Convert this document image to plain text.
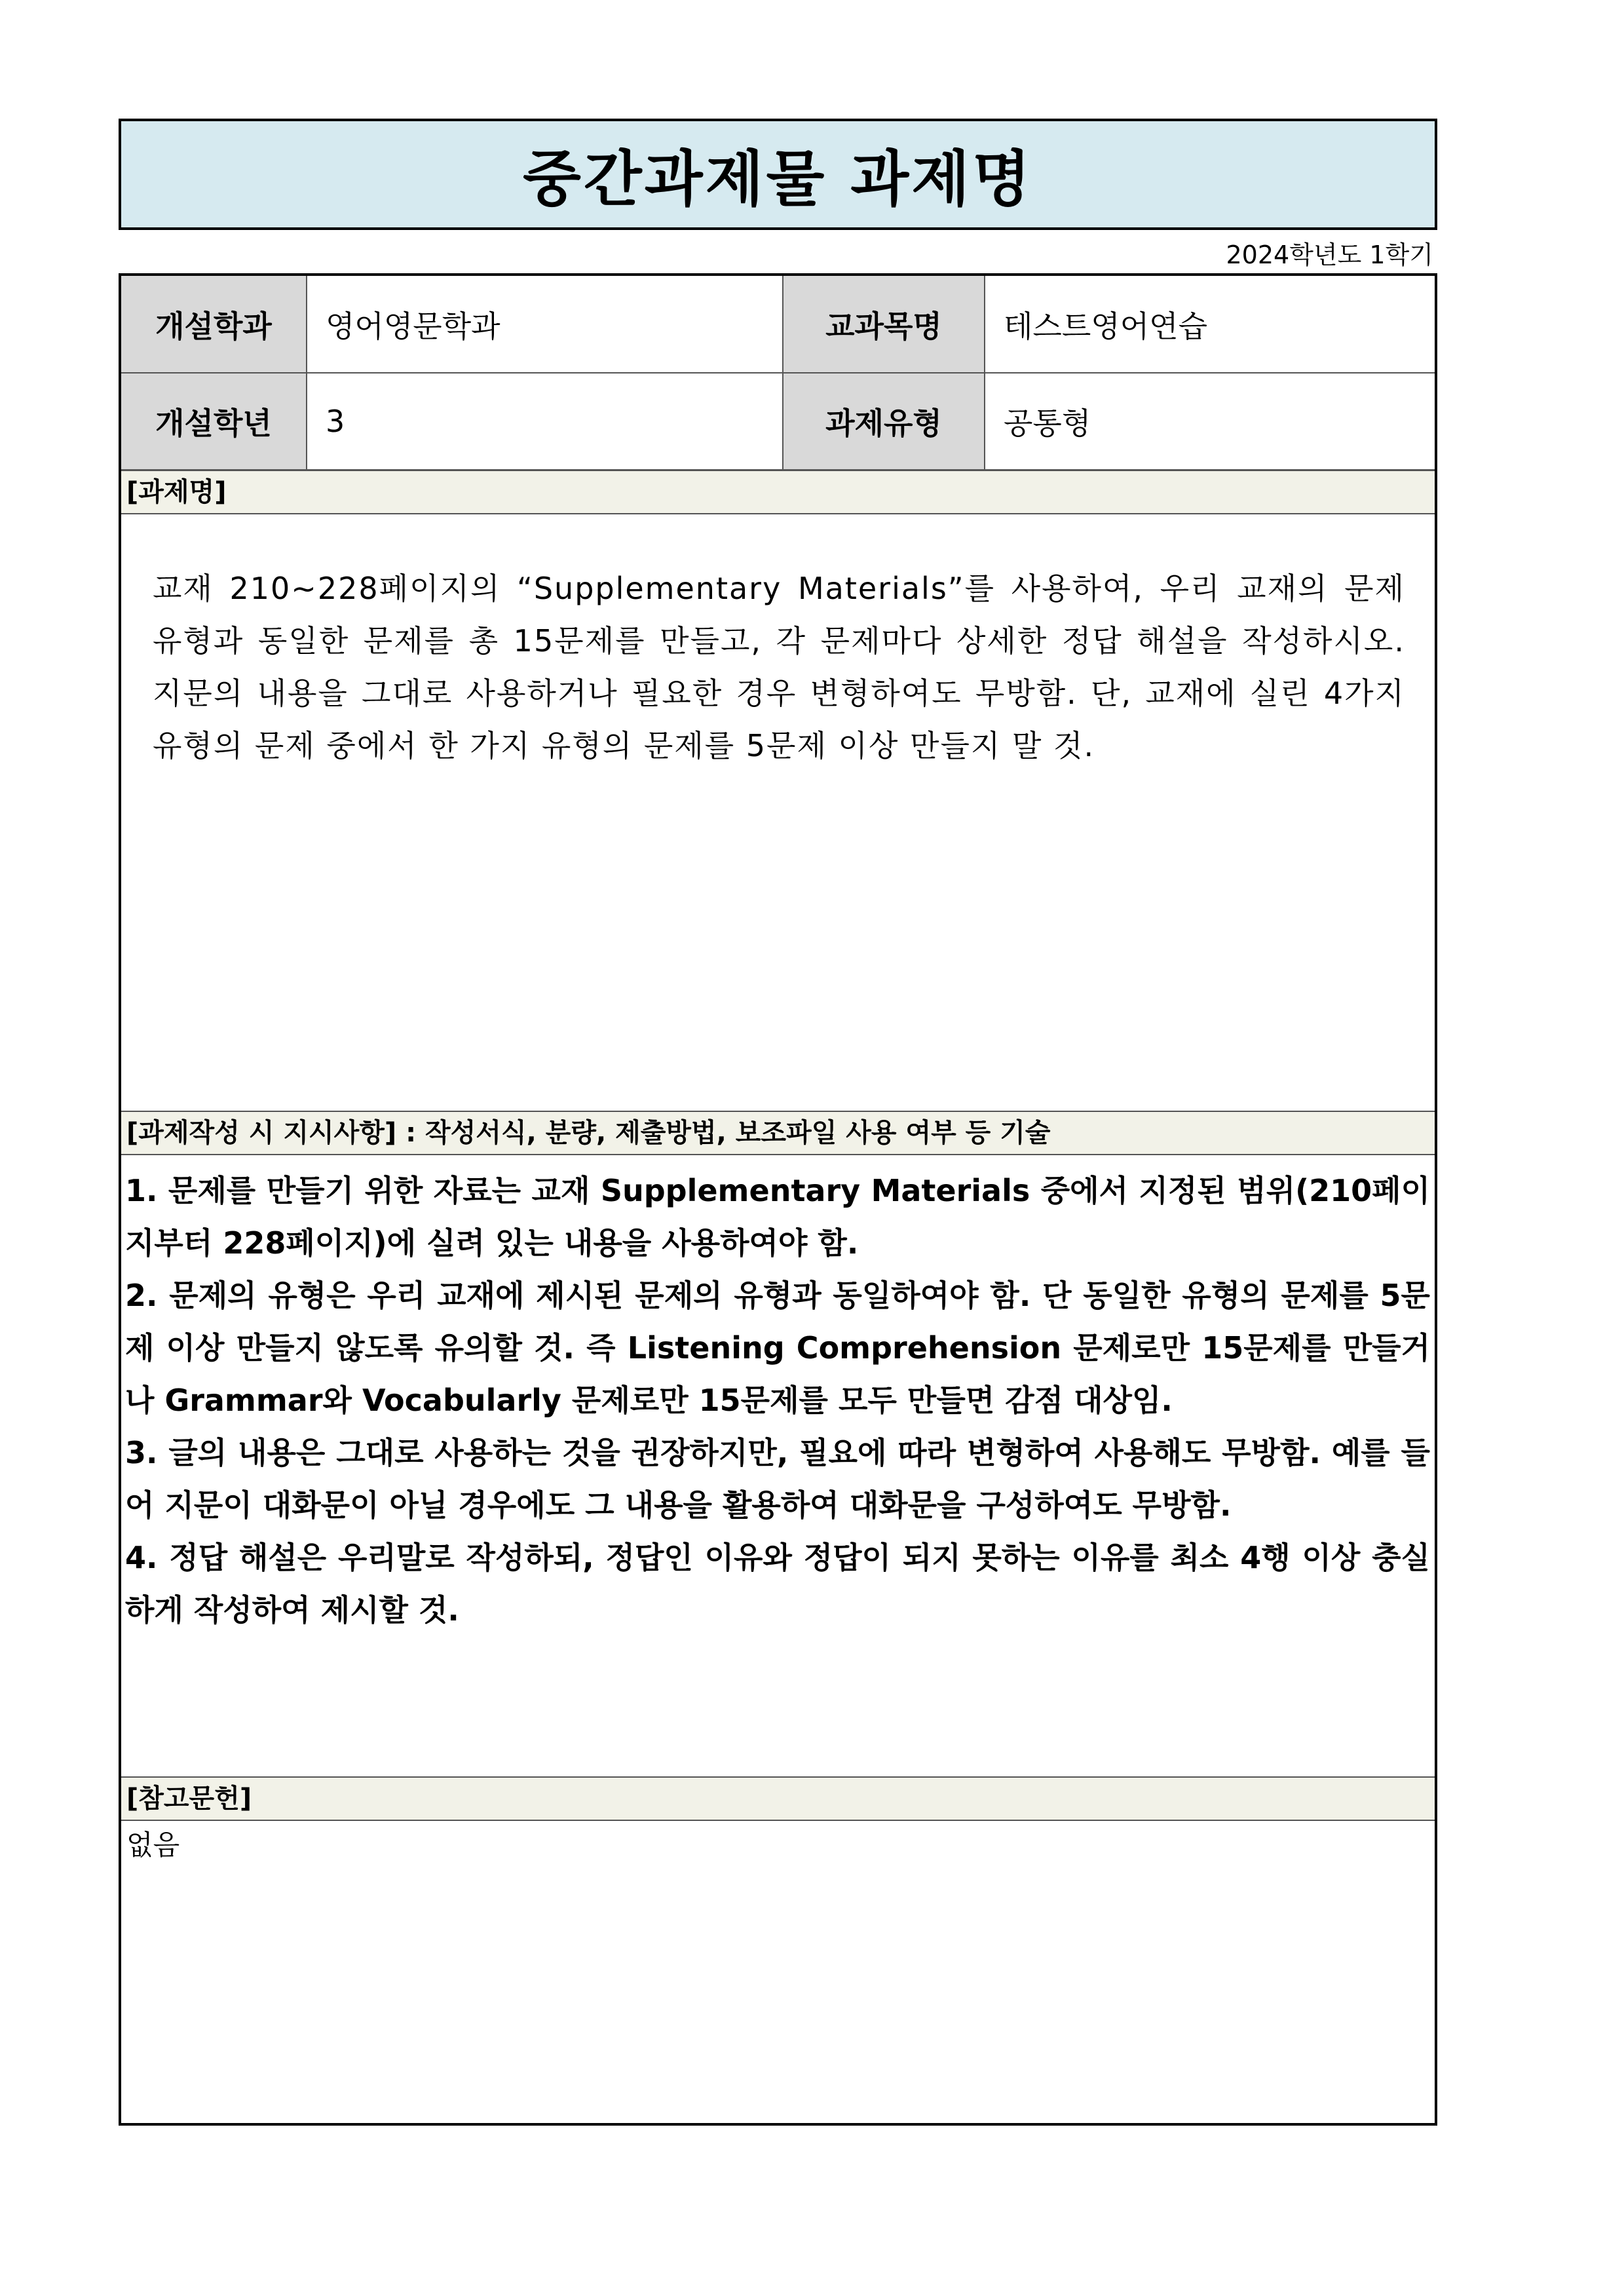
중간과제물 과제명
2024학년도 1학기
개설학과	영어영문학과	교과목명	테스트영어연습
개설학년	3	과제유형	공통형
[과제명]

교재 210~228페이지의 “Supplementary Materials”를 사용하여, 우리 교재의 문제 유형과 동일한 문제를 총 15문제를 만들고, 각 문제마다 상세한 정답 해설을 작성하시오. 지문의 내용을 그대로 사용하거나 필요한 경우 변형하여도 무방함. 단, 교재에 실린 4가지 유형의 문제 중에서 한 가지 유형의 문제를 5문제 이상 만들지 말 것.

[과제작성 시 지시사항] : 작성서식, 분량, 제출방법, 보조파일 사용 여부 등 기술

1. 문제를 만들기 위한 자료는 교재 Supplementary Materials 중에서 지정된 범위(210페이지부터 228페이지)에 실려 있는 내용을 사용하여야 함.

2. 문제의 유형은 우리 교재에 제시된 문제의 유형과 동일하여야 함. 단 동일한 유형의 문제를 5문제 이상 만들지 않도록 유의할 것. 즉 Listening Comprehension 문제로만 15문제를 만들거나 Grammar와 Vocabularly 문제로만 15문제를 모두 만들면 감점 대상임.

3. 글의 내용은 그대로 사용하는 것을 권장하지만, 필요에 따라 변형하여 사용해도 무방함. 예를 들어 지문이 대화문이 아닐 경우에도 그 내용을 활용하여 대화문을 구성하여도 무방함.

4. 정답 해설은 우리말로 작성하되, 정답인 이유와 정답이 되지 못하는 이유를 최소 4행 이상 충실하게 작성하여 제시할 것.

[참고문헌]

없음
